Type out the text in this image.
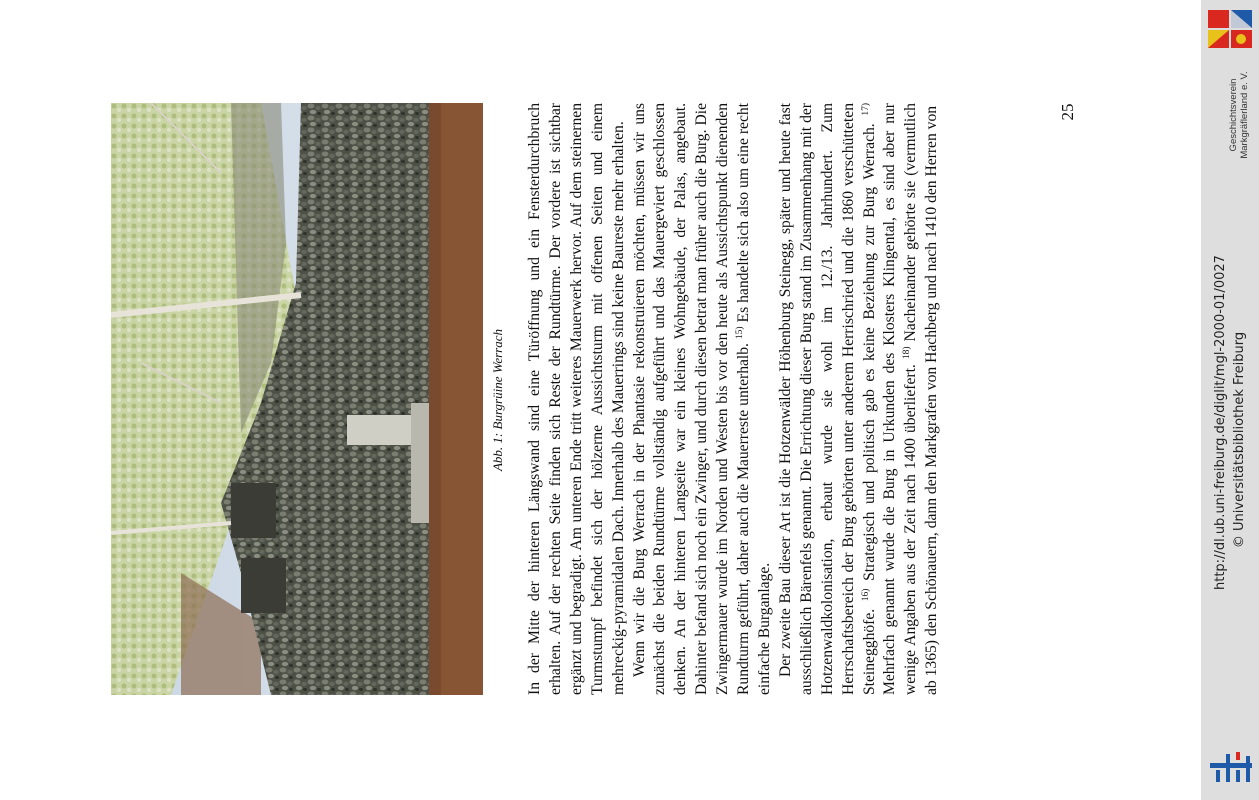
Abb. 1: Burgrüine Werrach In der Mitte der hinteren Längswand sind eine Türöffnung und ein Fensterdurchbruch erhalten. Auf der rechten Seite finden sich Reste der Rundtürme. Der vordere ist sichtbar ergänzt und begradigt. Am unteren Ende tritt weiteres Mauerwerk hervor. Auf dem steinernen Turmstumpf befindet sich der hölzerne Aussichtsturm mit offenen Seiten und einem mehreckig-pyramidalen Dach. Innerhalb des Mauerrings sind keine Baureste mehr erhalten. Wenn wir die Burg Werrach in der Phantasie rekonstruieren möchten, müssen wir uns zunächst die beiden Rundtürme vollständig aufgeführt und das Mauergeviert geschlossen denken. An der hinteren Langseite war ein kleines Wohngebäude, der Palas, angebaut. Dahinter befand sich noch ein Zwinger, und durch diesen betrat man früher auch die Burg. Die Zwingermauer wurde im Norden und Westen bis vor den heute als Aussichtspunkt dienenden Rundturm geführt, daher auch die Mauerreste unterhalb. $^{15)}$ Es handelte sich also um eine recht einfache Burganlage. Der zweite Bau dieser Art ist die Hotzenwälder Höhenburg Steinegg, später und heute fast ausschließlich Bärenfels genannt. Die Errichtung dieser Burg stand im Zusammenhang mit der Hotzenwaldkolonisation, erbaut wurde sie wohl im 12./13. Jahrhundert. Zum Herrschaftsbereich der Burg gehörten unter anderem Herrischried und die 1860 verschütteten Steinegghöfe. $^{16)}$ Strategisch und politisch gab es keine Beziehung zur Burg Werrach. $^{17)}$ Mehrfach genannt wurde die Burg in Urkunden des Klosters Klingental, es sind aber nur wenige Angaben aus der Zeit nach 1400 überliefert. $^{18)}$ Nacheinander gehörte sie (vermutlich ab 1365) den Schönauern, dann den Markgrafen von Hachberg und nach 1410 den Herren von	25	Geschichtsverein Markgräflerland e. V.
http://dl.ub.uni-freiburg.de/diglit/mgl-2000-01/0027 © Universitätsbibliothek Freiburg
